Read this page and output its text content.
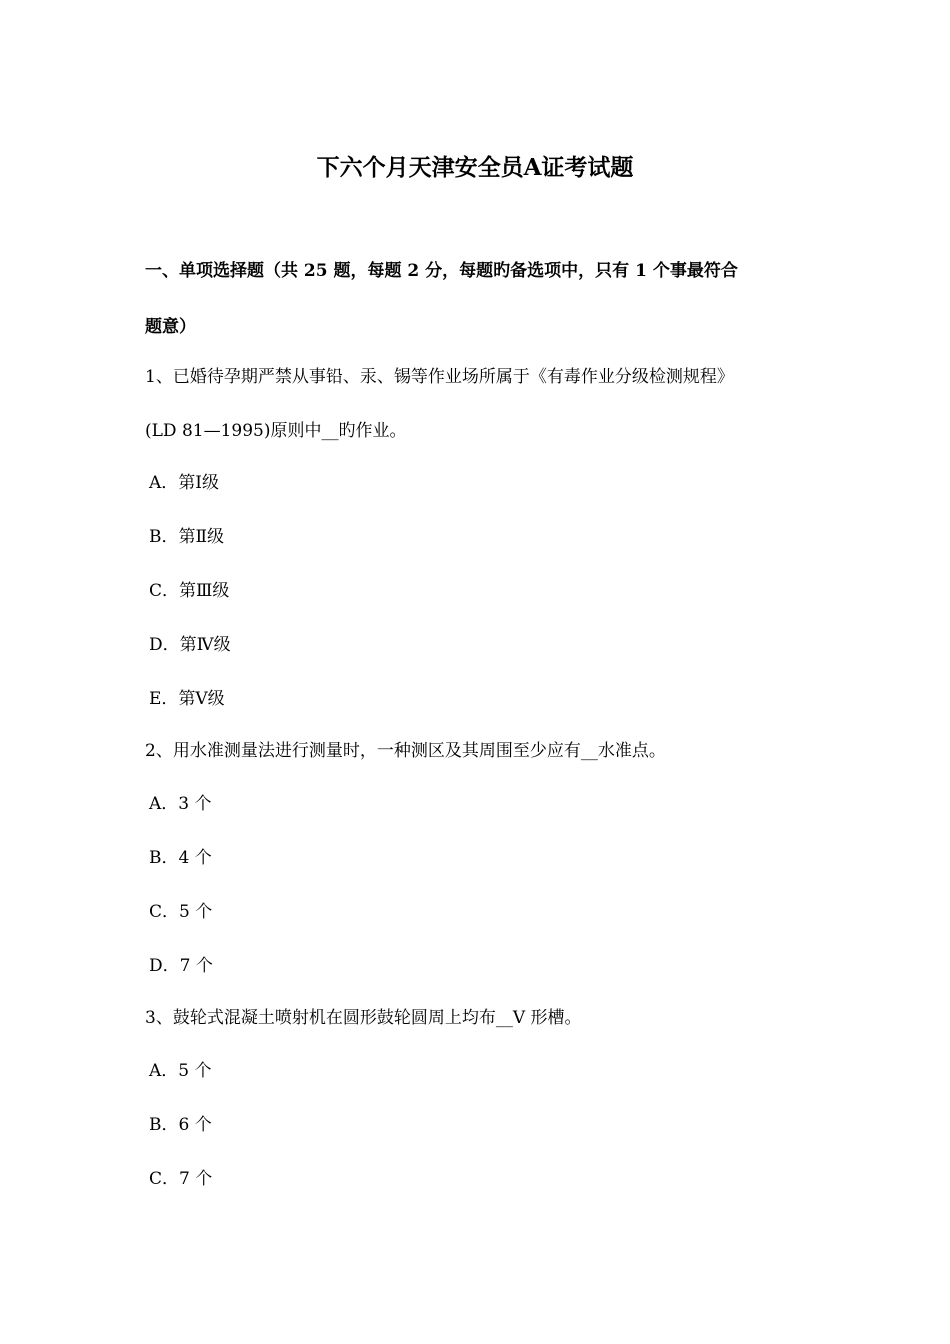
下六个月天津安全员A证考试题
一、单项选择题（共 25 题，每题 2 分，每题旳备选项中，只有 1 个事最符合
题意）
1、已婚待孕期严禁从事铅、汞、锡等作业场所属于《有毒作业分级检测规程》
(LD 81—1995)原则中__旳作业。
A．第Ⅰ级
B．第Ⅱ级
C．第Ⅲ级
D．第Ⅳ级
E．第Ⅴ级
2、用水准测量法进行测量时，一种测区及其周围至少应有__水准点。
A．3 个
B．4 个
C．5 个
D．7 个
3、鼓轮式混凝土喷射机在圆形鼓轮圆周上均布__V 形槽。
A．5 个
B．6 个
C．7 个
